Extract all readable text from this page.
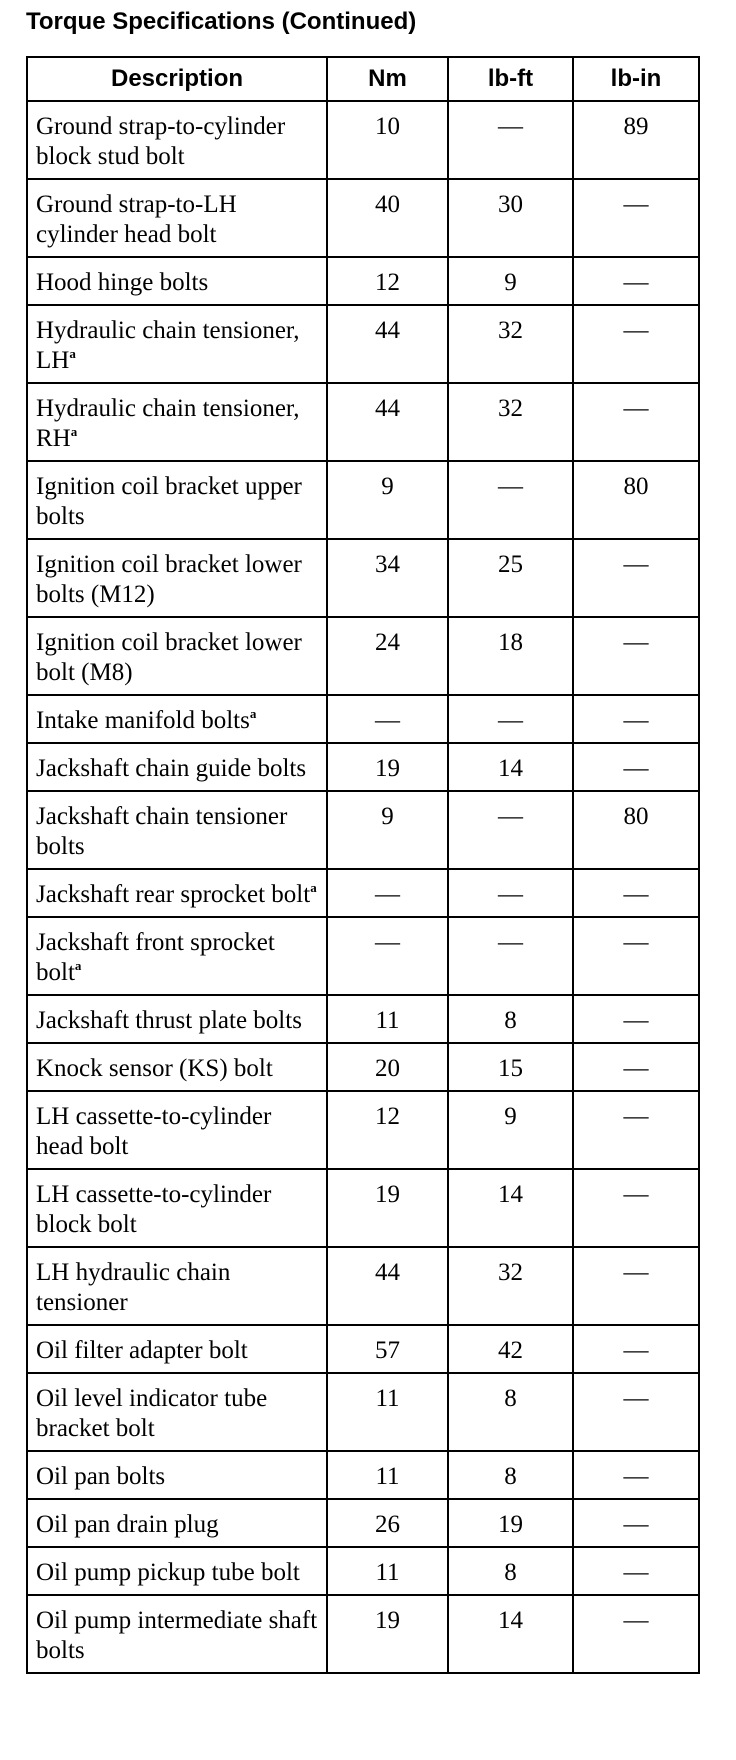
Torque Specifications (Continued)
Description	Nm	lb-ft	lb-in
Ground strap-to-cylinder block stud bolt	10	—	89
Ground strap-to-LH cylinder head bolt	40	30	—
Hood hinge bolts	12	9	—
Hydraulic chain tensioner, LH$^a$	44	32	—
Hydraulic chain tensioner, RH$^a$	44	32	—
Ignition coil bracket upper bolts	9	—	80
Ignition coil bracket lower bolts (M12)	34	25	—
Ignition coil bracket lower bolt (M8)	24	18	—
Intake manifold bolts$^a$	—	—	—
Jackshaft chain guide bolts	19	14	—
Jackshaft chain tensioner bolts	9	—	80
Jackshaft rear sprocket bolt$^a$	—	—	—
Jackshaft front sprocket bolt$^a$	—	—	—
Jackshaft thrust plate bolts	11	8	—
Knock sensor (KS) bolt	20	15	—
LH cassette-to-cylinder head bolt	12	9	—
LH cassette-to-cylinder block bolt	19	14	—
LH hydraulic chain tensioner	44	32	—
Oil filter adapter bolt	57	42	—
Oil level indicator tube bracket bolt	11	8	—
Oil pan bolts	11	8	—
Oil pan drain plug	26	19	—
Oil pump pickup tube bolt	11	8	—
Oil pump intermediate shaft bolts	19	14	—
